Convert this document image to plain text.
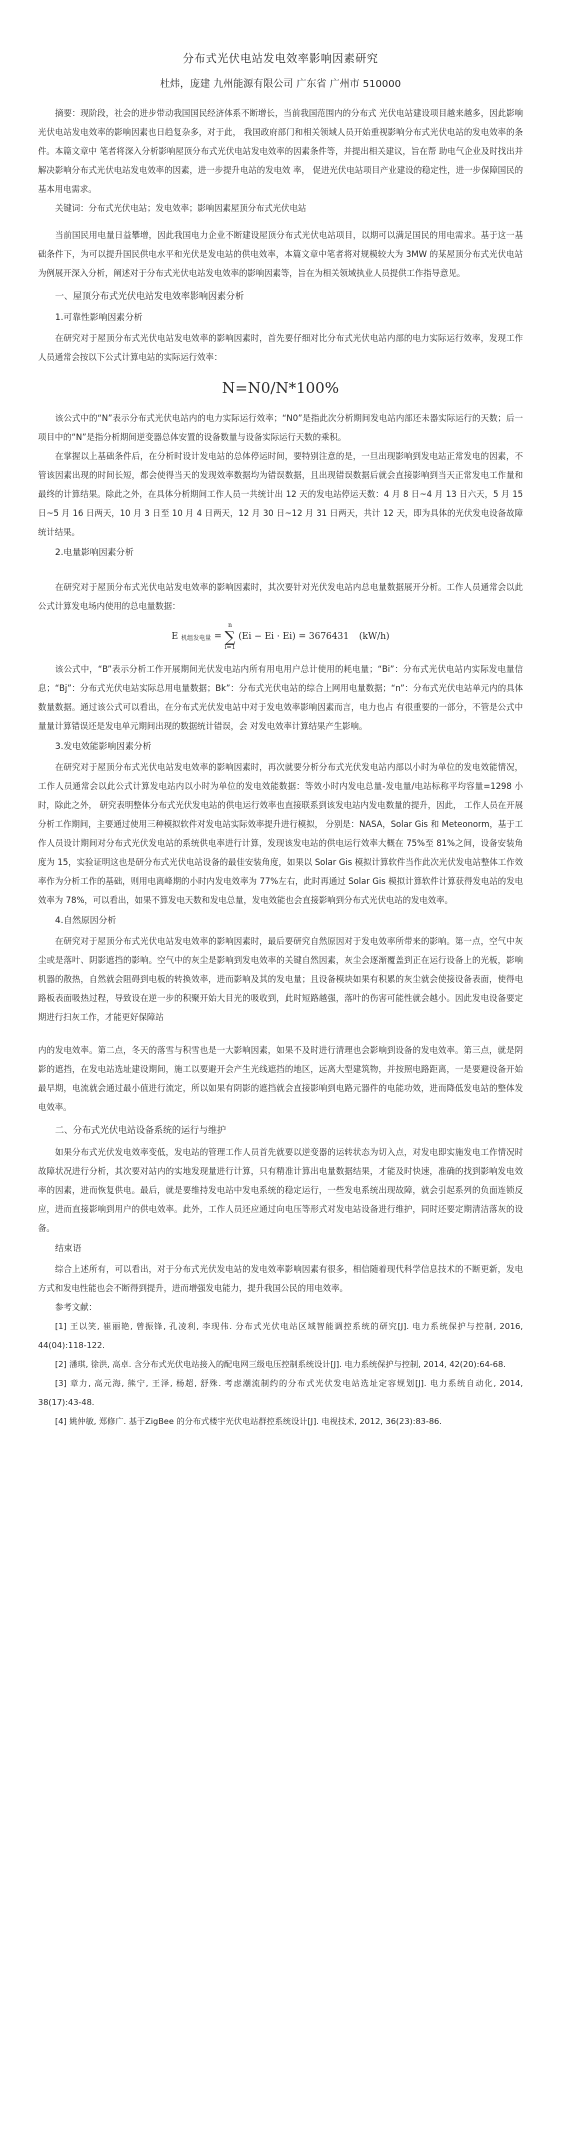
分布式光伏电站发电效率影响因素研究
杜炜，庞建 九州能源有限公司 广东省 广州市 510000

摘要：现阶段，社会的进步带动我国国民经济体系不断增长，当前我国范围内的分布式 光伏电站建设项目越来越多，因此影响光伏电站发电效率的影响因素也日趋复杂多，对于此， 我国政府部门和相关领域人员开始重视影响分布式光伏电站的发电效率的条件。本篇文章中 笔者将深入分析影响屋顶分布式光伏电站发电效率的因素条件等，并提出相关建议，旨在帮 助电气企业及时找出并解决影响分布式光伏电站发电效率的因素，进一步提升电站的发电效 率， 促进光伏电站项目产业建设的稳定性，进一步保障国民的基本用电需求。

关键词：分布式光伏电站；发电效率；影响因素屋顶分布式光伏电站

当前国民用电量日益攀增，因此我国电力企业不断建设屋顶分布式光伏电站项目，以期可以满足国民的用电需求。基于这一基础条件下，为可以提升国民供电水平和光伏是发电站的供电效率，本篇文章中笔者将对规模较大为 3MW 的某屋顶分布式光伏电站为例展开深入分析，阐述对于分布式光伏电站发电效率的影响因素等，旨在为相关领域执业人员提供工作指导意见。

一、屋顶分布式光伏电站发电效率影响因素分析
1.可靠性影响因素分析

在研究对于屋顶分布式光伏电站发电效率的影响因素时，首先要仔细对比分布式光伏电站内部的电力实际运行效率，发现工作人员通常会按以下公式计算电站的实际运行效率：

N=N0/N*100%

该公式中的“N”表示分布式光伏电站内的电力实际运行效率；“N0”是指此次分析期间发电站内部还未器实际运行的天数；后一项目中的“N”是指分析期间逆变器总体安置的设备数量与设备实际运行天数的乘积。

在掌握以上基础条件后，在分析时设计发电站的总体停运时间，要特别注意的是，一旦出现影响到发电站正常发电的因素，不管该因素出现的时间长短，都会使得当天的发现效率数据均为错误数据，且出现错误数据后就会直接影响到当天正常发电工作量和最终的计算结果。除此之外，在具体分析期间工作人员一共统计出 12 天的发电站停运天数：4 月 8 日~4 月 13 日六天，5 月 15 日~5 月 16 日两天，10 月 3 日至 10 月 4 日两天，12 月 30 日~12 月 31 日两天，共计 12 天，即为具体的光伏发电设备故障统计结果。

2.电量影响因素分析

在研究对于屋顶分布式光伏电站发电效率的影响因素时，其次要针对光伏发电站内总电量数据展开分析。工作人员通常会以此公式计算发电场内使用的总电量数据：

E 机组发电量 =
n
∑
i=1
(Ei − Ei · Ei) = 3676431 (kW/h)

该公式中，“B”表示分析工作开展期间光伏发电站内所有用电用户总计使用的耗电量；“Bi”：分布式光伏电站内实际发电量信息；“Bj”：分布式光伏电站实际总用电量数据；Bk”：分布式光伏电站的综合上网用电量数据；“n”：分布式光伏电站单元内的具体数量数据。通过该公式可以看出，在分布式光伏发电站中对于发电效率影响因素而言，电力也占 有很重要的一部分，不管是公式中量量计算错误还是发电单元期间出现的数据统计错误，会 对发电效率计算结果产生影响。

3.发电效能影响因素分析

在研究对于屋顶分布式光伏电站发电效率的影响因素时，再次就要分析分布式光伏发电站内部以小时为单位的发电效能情况，工作人员通常会以此公式计算发电站内以小时为单位的发电效能数据：等效小时内发电总量-发电量/电站标称平均容量=1298 小时，除此之外， 研究表明整体分布式光伏发电站的供电运行效率也直接联系到该发电站内发电数量的提升，因此， 工作人员在开展分析工作期间，主要通过使用三种模拟软件对发电站实际效率提升进行模拟， 分别是：NASA，Solar Gis 和 Meteonorm，基于工作人员设计期间对分布式光伏发电站的系统供电率进行计算，发现该发电站的供电运行效率大概在 75%至 81%之间，设备安装角度为 15，实验证明这也是研分布式光伏电站设备的最佳安装角度，如果以 Solar Gis 模拟计算软件当作此次光伏发电站整体工作效率作为分析工作的基础，则用电离峰期的小时内发电效率为 77%左右，此时再通过 Solar Gis 模拟计算软件计算获得发电站的发电效率为 78%，可以看出，如果不算发电天数和发电总量，发电效能也会直接影响到分布式光伏电站的发电效率。

4.自然原因分析

在研究对于屋顶分布式光伏电站发电效率的影响因素时，最后要研究自然原因对于发电效率所带来的影响。第一点，空气中灰尘或是落叶、阴影遮挡的影响。空气中的灰尘是影响到发电效率的关键自然因素，灰尘会逐渐覆盖到正在运行设备上的光板，影响机器的散热，自然就会阻碍到电板的转换效率，进而影响及其的发电量；且设备模块如果有积累的灰尘就会使接设备表面，使得电路板表面吸热过程，导致设在逆一步的积聚开始大目光的吸收到，此时短路越强，落叶的伤害可能性就会越小。因此发电设备要定期进行扫灰工作，才能更好保障站

内的发电效率。第二点，冬天的落雪与积雪也是一大影响因素，如果不及时进行清理也会影响到设备的发电效率。第三点，就是阴影的遮挡，在发电站选址建设期间，施工以要避开会产生光线遮挡的地区，远离大型建筑物，并按照电路距离，一是要避设备开始最早期，电流就会通过最小值进行流定，所以如果有阴影的遮挡就会直接影响到电路元器件的电能功效，进而降低发电站的整体发电效率。

二、分布式光伏电站设备系统的运行与维护

如果分布式光伏发电效率变低，发电站的管理工作人员首先就要以逆变器的运转状态为切入点，对发电即实施发电工作情况时故障状况进行分析，其次要对站内的实地发现量进行计算，只有精准计算出电量数据结果，才能及时快速，准确的找到影响发电效率的因素，进而恢复供电。最后，就是要维持发电站中发电系统的稳定运行，一些发电系统出现故障，就会引起系列的负面连锁反应，进而直接影响到用户的供电效率。此外，工作人员还应通过向电压等形式对发电站设备进行维护，同时还要定期清洁落灰的设备。

结束语

综合上述所有，可以看出，对于分布式光伏发电站的发电效率影响因素有很多，相信随着现代科学信息技术的不断更新，发电方式和发电性能也会不断得到提升，进而增强发电能力，提升我国公民的用电效率。

参考文献：

[1] 王以笑, 崔丽艳, 曾振锋, 孔凌利, 李现伟. 分布式光伏电站区域智能调控系统的研究[J]. 电力系统保护与控制, 2016, 44(04):118-122.

[2] 潘琪, 徐洪, 高卓. 含分布式光伏电站接入的配电网三级电压控制系统设计[J]. 电力系统保护与控制, 2014, 42(20):64-68.

[3] 章力, 高元海, 熊宁, 王泽, 杨超, 舒殊. 考虑潮流制约的分布式光伏发电站选址定容规划[J]. 电力系统自动化, 2014, 38(17):43-48.

[4] 姚仲敏, 郑修广. 基于ZigBee 的分布式楼宇光伏电站群控系统设计[J]. 电视技术, 2012, 36(23):83-86.
